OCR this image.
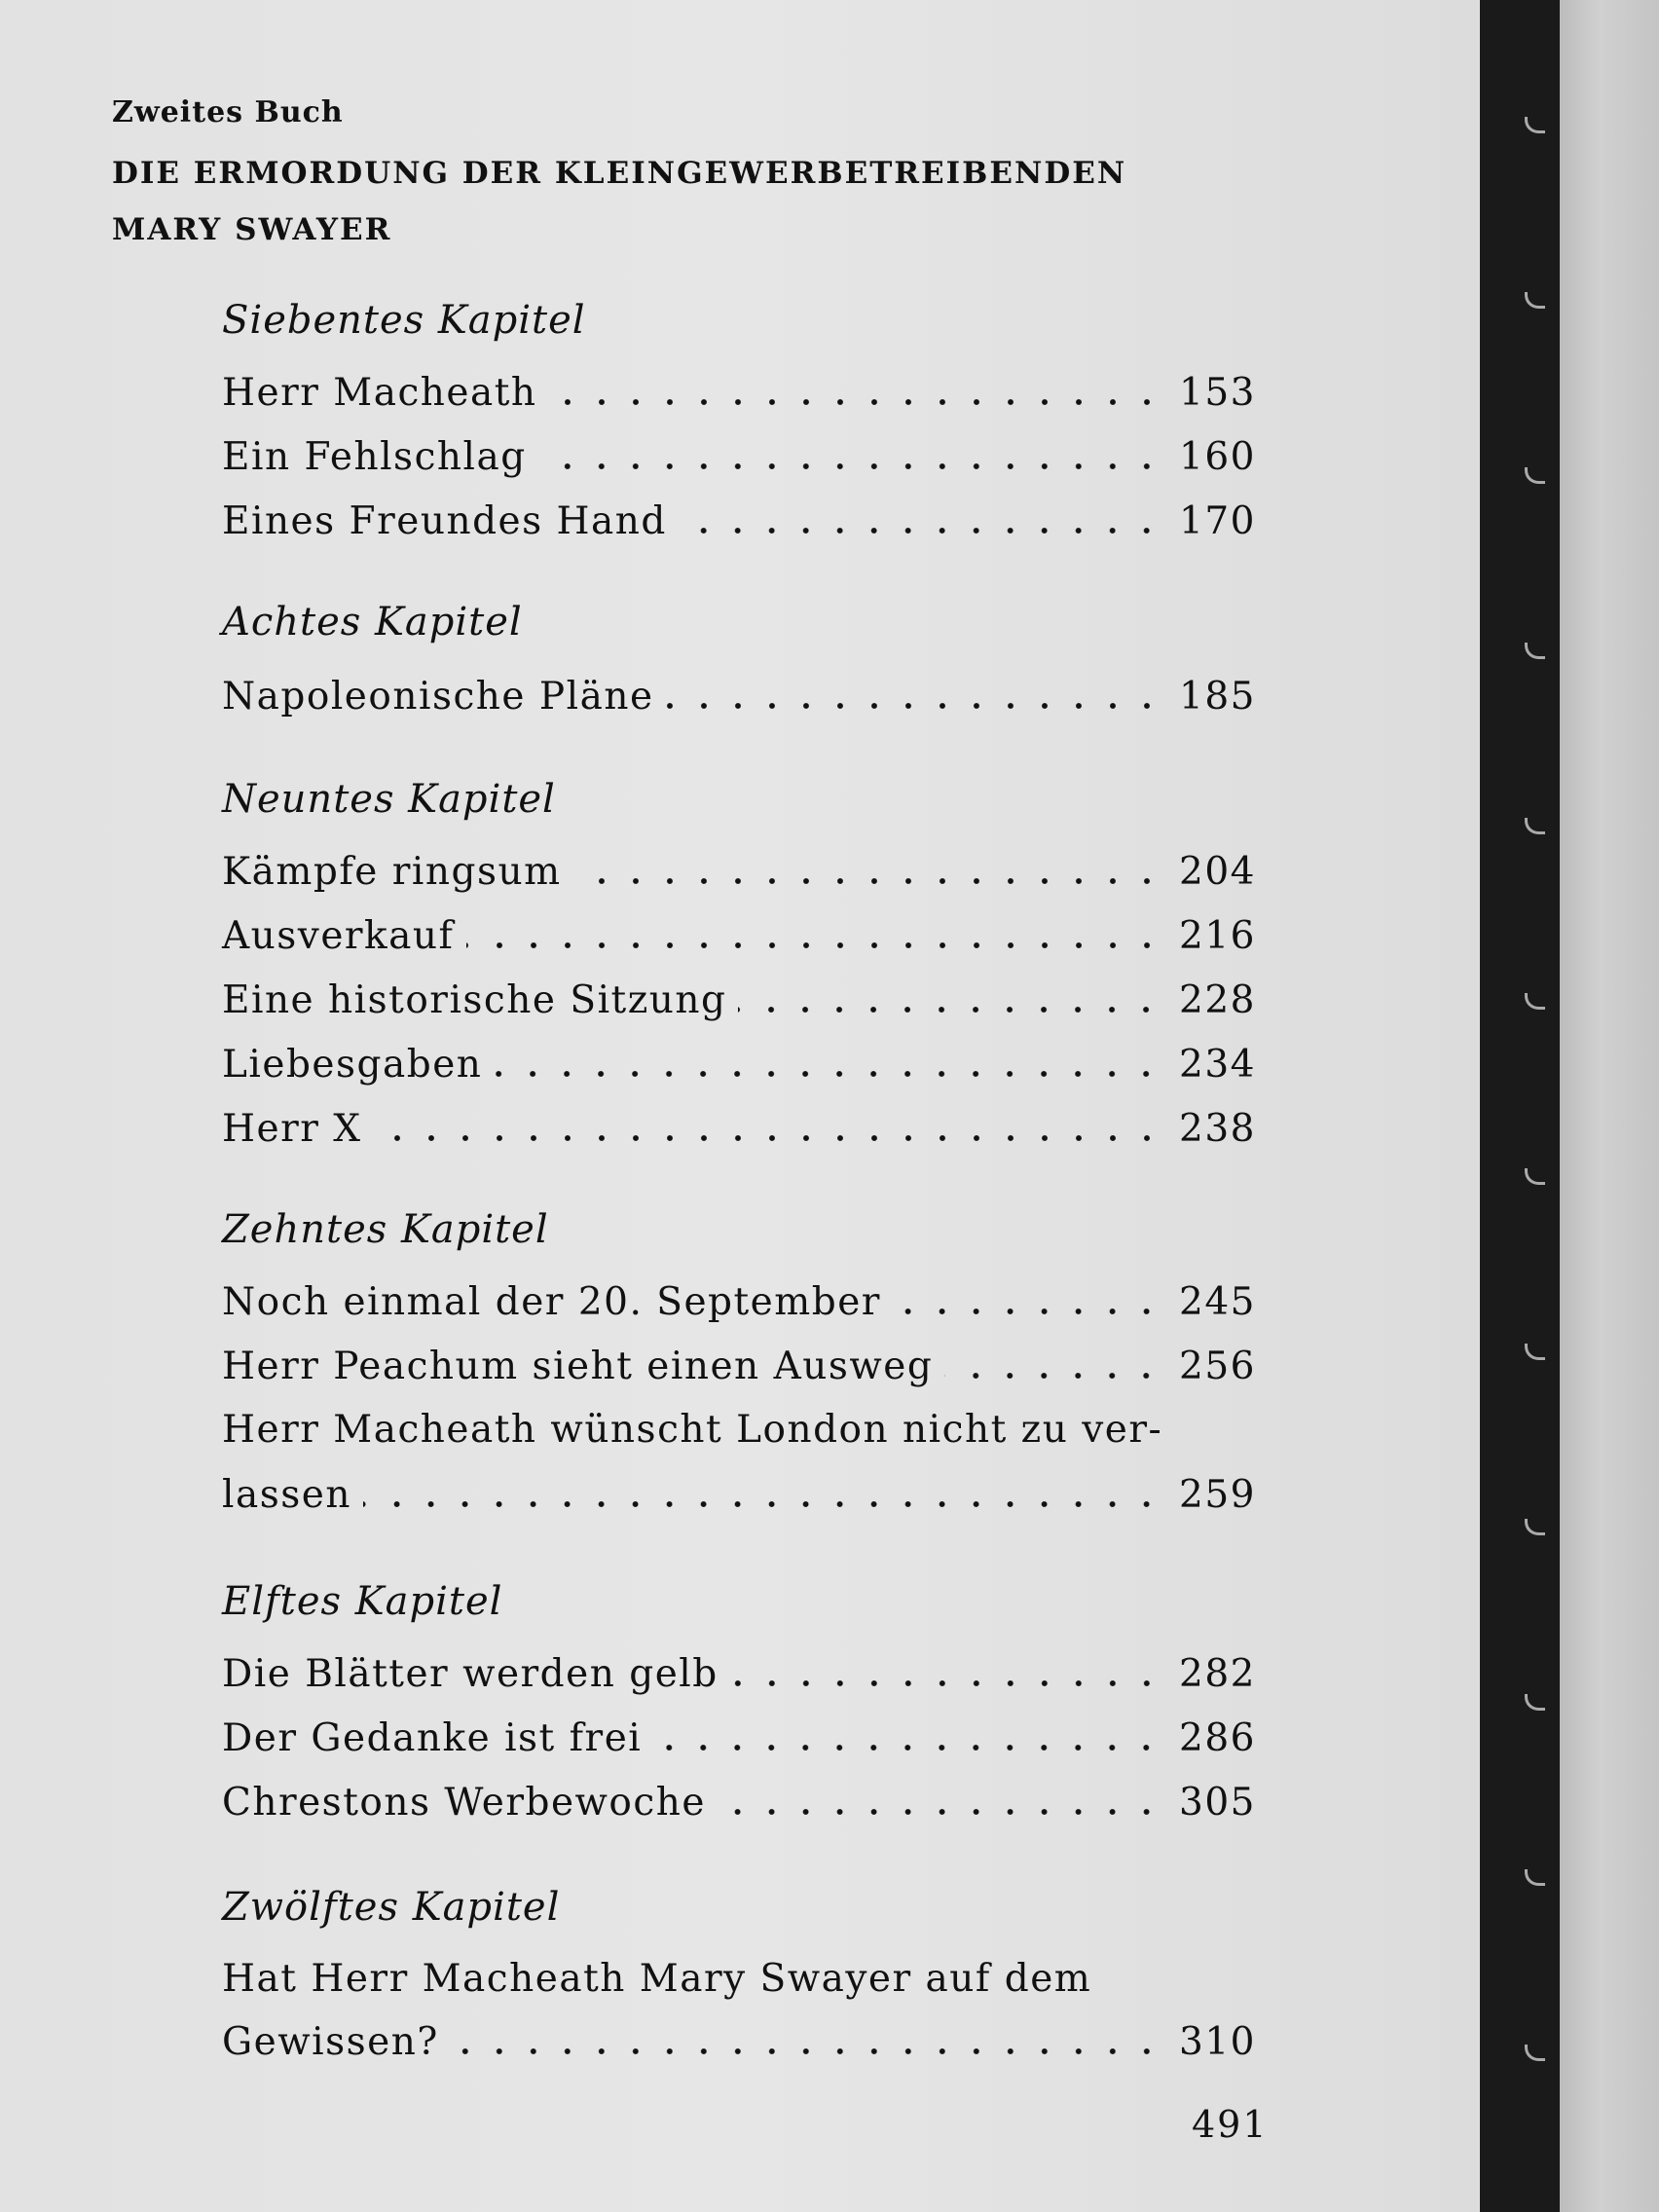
Zweites Buch
DIE ERMORDUNG DER KLEINGEWERBETREIBENDEN
MARY SWAYER
Siebentes Kapitel
Herr Macheath	153
Ein Fehlschlag	160
Eines Freundes Hand	170
Achtes Kapitel
Napoleonische Pläne	185
Neuntes Kapitel
Kämpfe ringsum	204
Ausverkauf	216
Eine historische Sitzung	228
Liebesgaben	234
Herr X	238
Zehntes Kapitel
Noch einmal der 20. September	245
Herr Peachum sieht einen Ausweg	256
Herr Macheath wünscht London nicht zu ver-
lassen	259
Elftes Kapitel
Die Blätter werden gelb	282
Der Gedanke ist frei	286
Chrestons Werbewoche	305
Zwölftes Kapitel
Hat Herr Macheath Mary Swayer auf dem
Gewissen?	310
491
